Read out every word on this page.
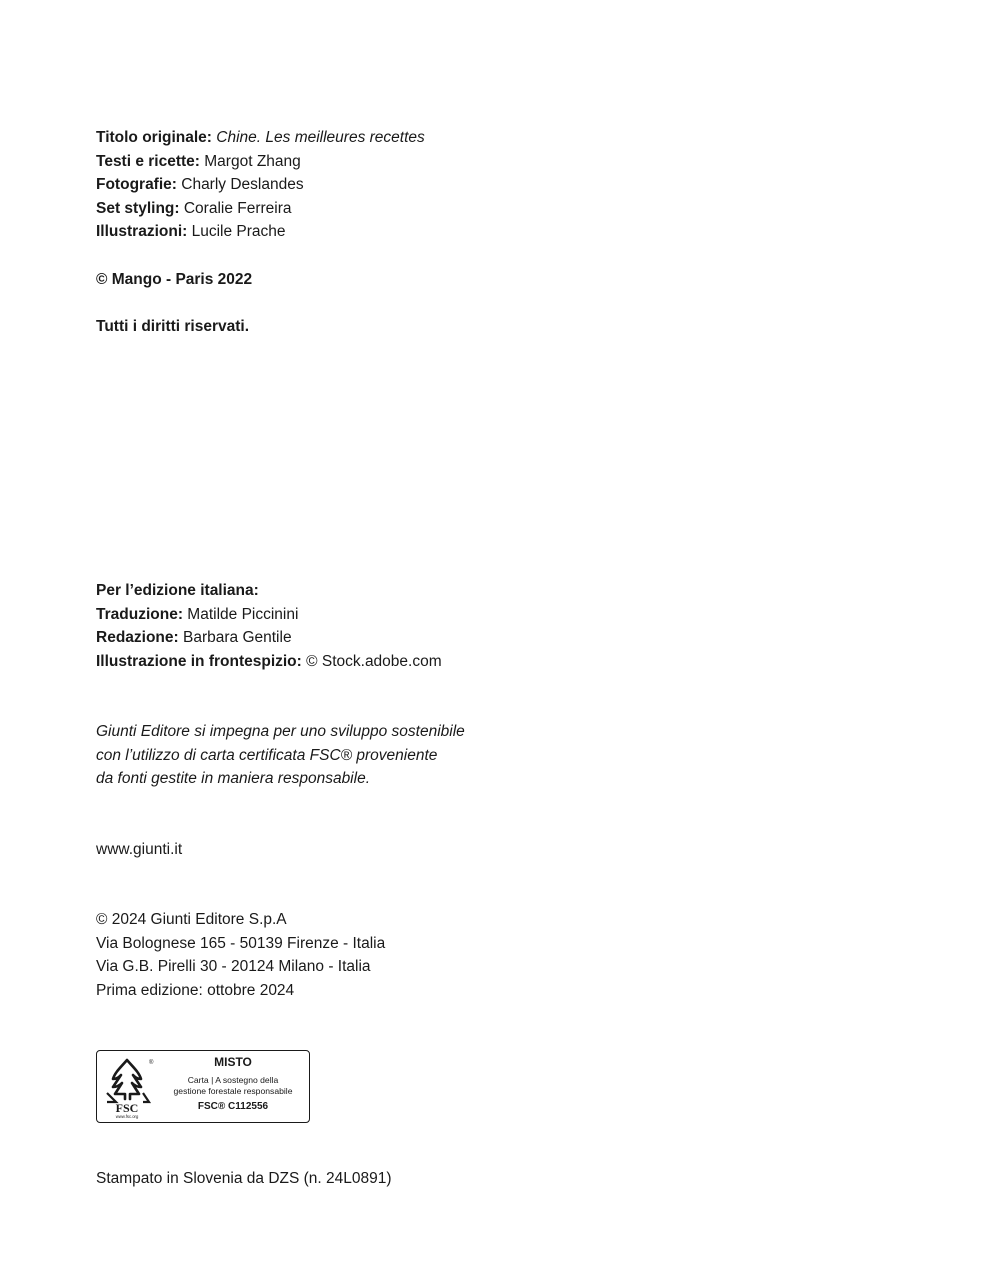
Titolo originale: Chine. Les meilleures recettes
Testi e ricette: Margot Zhang
Fotografie: Charly Deslandes
Set styling: Coralie Ferreira
Illustrazioni: Lucile Prache
© Mango - Paris 2022
Tutti i diritti riservati.
Per l’edizione italiana:
Traduzione: Matilde Piccinini
Redazione: Barbara Gentile
Illustrazione in frontespizio: © Stock.adobe.com
Giunti Editore si impegna per uno sviluppo sostenibile
con l’utilizzo di carta certificata FSC® proveniente
da fonti gestite in maniera responsabile.
www.giunti.it
© 2024 Giunti Editore S.p.A
Via Bolognese 165 - 50139 Firenze - Italia
Via G.B. Pirelli 30 - 20124 Milano - Italia
Prima edizione: ottobre 2024
®
FSC
www.fsc.org
MISTO
Carta | A sostegno della
gestione forestale responsabile
FSC® C112556
Stampato in Slovenia da DZS (n. 24L0891)
